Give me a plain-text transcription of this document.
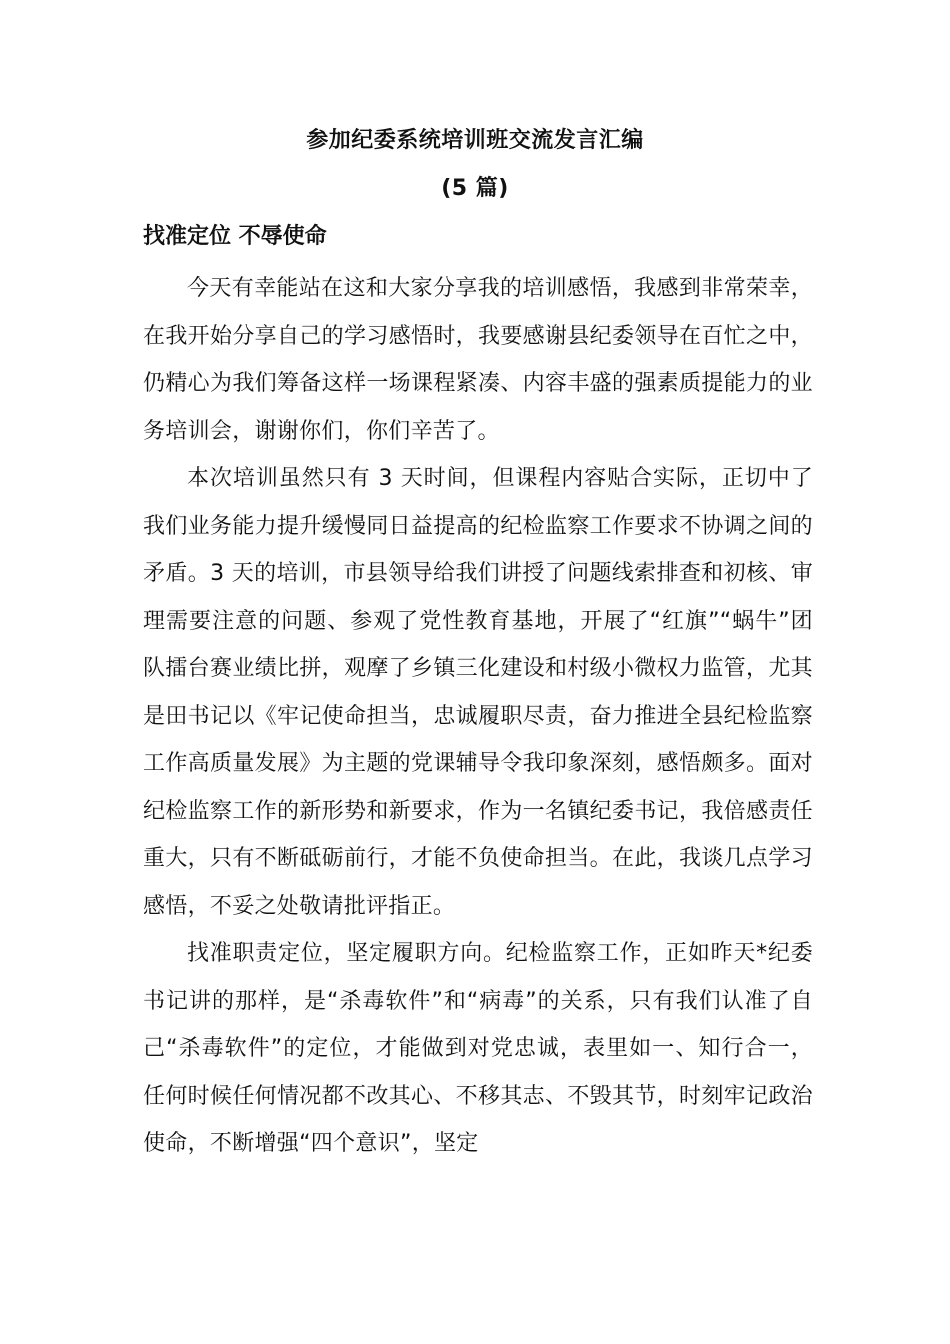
参加纪委系统培训班交流发言汇编
(5 篇)
找准定位 不辱使命

今天有幸能站在这和大家分享我的培训感悟，我感到非常荣幸，在我开始分享自己的学习感悟时，我要感谢县纪委领导在百忙之中，仍精心为我们筹备这样一场课程紧凑、内容丰盛的强素质提能力的业务培训会，谢谢你们，你们辛苦了。

本次培训虽然只有 3 天时间，但课程内容贴合实际，正切中了我们业务能力提升缓慢同日益提高的纪检监察工作要求不协调之间的矛盾。3 天的培训，市县领导给我们讲授了问题线索排查和初核、审理需要注意的问题、参观了党性教育基地，开展了“红旗”“蜗牛”团队擂台赛业绩比拼，观摩了乡镇三化建设和村级小微权力监管，尤其是田书记以《牢记使命担当，忠诚履职尽责，奋力推进全县纪检监察工作高质量发展》为主题的党课辅导令我印象深刻，感悟颇多。面对纪检监察工作的新形势和新要求，作为一名镇纪委书记，我倍感责任重大，只有不断砥砺前行，才能不负使命担当。在此，我谈几点学习感悟，不妥之处敬请批评指正。

找准职责定位，坚定履职方向。纪检监察工作，正如昨天*纪委书记讲的那样，是“杀毒软件”和“病毒”的关系，只有我们认准了自己“杀毒软件”的定位，才能做到对党忠诚，表里如一、知行合一，任何时候任何情况都不改其心、不移其志、不毁其节，时刻牢记政治使命，不断增强“四个意识”，坚定
